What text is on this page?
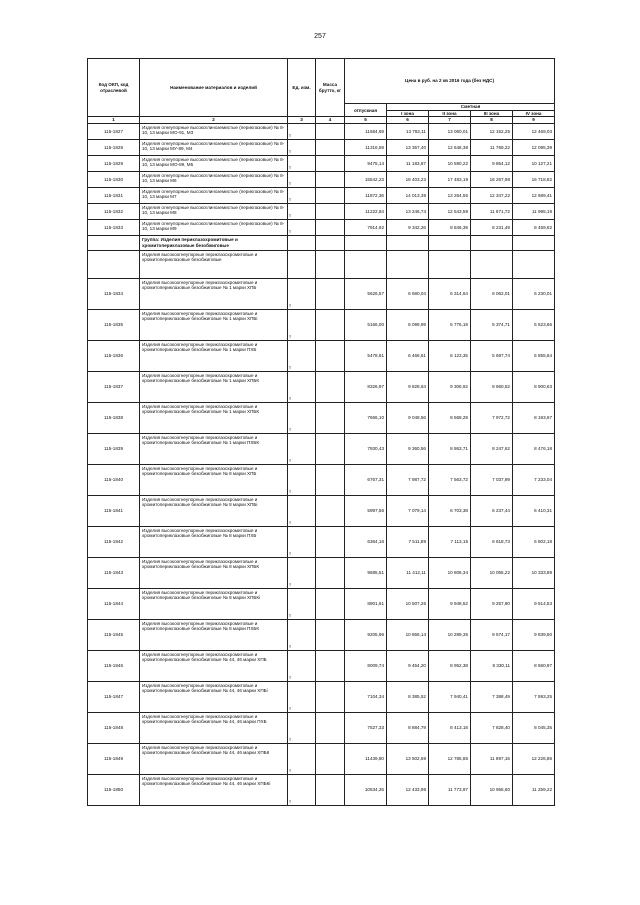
257
Код ОКП, код отраслевой	Наименование материалов и изделий	Ед. изм.	Масса брутто, кг	Цена в руб. на 2 кв 2016 года (без НДС)				
				отпускная	Сметная			
					I зона	II зона	III зона	IV зона
1	2	3	4	5	6	7	8	9
115-1827	Изделия огнеупорные высокоглиноземистые (периклазовые) № 8-10, 13 марки МО-91, М3	т		11684,69	13 782,11	13 060,01	12 152,25	12 469,03
115-1828	Изделия огнеупорные высокоглиноземистые (периклазовые) № 8-10, 13 марки МУ-89, М4	т		11316,59	13 357,40	12 648,38	11 769,22	12 095,39
115-1829	Изделия огнеупорные высокоглиноземистые (периклазовые) № 8-10, 13 марки МО-89, М5	т		9475,14	11 183,87	10 590,22	9 854,12	10 127,21
115-1830	Изделия огнеупорные высокоглиноземистые (периклазовые) № 8-10, 13 марки М6	т		15542,23	18 403,23	17 483,19	16 267,98	16 718,82
115-1831	Изделия огнеупорные высокоглиноземистые (периклазовые) № 8-10, 13 марки М7	т		11872,36	14 013,39	13 264,55	12 347,22	12 689,41
115-1832	Изделия огнеупорные высокоглиноземистые (периклазовые) № 8-10, 13 марки М8	т		11222,84	13 246,74	12 543,59	11 671,72	11 995,19
115-1833	Изделия огнеупорные высокоглиноземистые (периклазовые) № 8-10, 13 марки М9	т		7914,92	9 342,26	8 846,39	8 231,49	8 459,62
	Группа: Изделия периклазохромитовые и хромитопериклазовые безобжиговые							
	Изделия высокоогнеупорные периклазохромитовые и хромитопериклазовые безобжиговые							
115-1834	Изделия высокоогнеупорные периклазохромитовые и хромитопериклазовые безобжиговые № 1 марки ХПБ	т		5626,57	6 680,04	6 314,64	6 062,01	6 230,01
115-1835	Изделия высокоогнеупорные периклазохромитовые и хромитопериклазовые безобжиговые № 1 марки ХПБі	т		5166,00	6 099,99	5 776,19	5 374,71	5 523,66
115-1836	Изделия высокоогнеупорные периклазохромитовые и хромитопериклазовые безобжиговые № 1 марки ПХБ	т		5478,61	6 466,61	6 123,35	5 697,74	5 855,64
115-1837	Изделия высокоогнеупорные периклазохромитовые и хромитопериклазовые безобжиговые № 1 марки ХПБК	т		8326,97	9 828,64	9 306,92	8 660,52	8 900,63
115-1838	Изделия высокоогнеупорные периклазохромитовые и хромитопериклазовые безобжиговые № 1 марки ХПБК	т		7666,10	9 048,56	8 568,29	7 972,72	8 193,67
115-1839	Изделия высокоогнеупорные периклазохромитовые и хромитопериклазовые безобжиговые № 1 марки ПХБК	т		7930,43	9 360,56	8 863,71	8 247,62	8 476,18
115-1840	Изделия высокоогнеупорные периклазохромитовые и хромитопериклазовые безобжиговые № 8 марки ХПБ	т		6767,31	7 987,72	7 563,72	7 037,99	7 233,04
115-1841	Изделия высокоогнеупорные периклазохромитовые и хромитопериклазовые безобжиговые № 8 марки ХПБі	т		5997,56	7 079,14	6 703,38	6 237,44	6 410,31
115-1842	Изделия высокоогнеупорные периклазохромитовые и хромитопериклазовые безобжиговые № 8 марки ПХБ	т		6364,16	7 511,89	7 113,15	6 618,73	6 802,18
115-1843	Изделия высокоогнеупорные периклазохромитовые и хромитопериклазовые безобжиговые № 8 марки ХПБК	т		9685,51	11 412,11	10 806,34	10 055,22	10 333,89
115-1844	Изделия высокоогнеупорные периклазохромитовые и хромитопериклазовые безобжиговые № 8 марки ХПБКі	т		8901,61	10 507,26	9 948,52	9 257,90	9 514,53
115-1845	Изделия высокоогнеупорные периклазохромитовые и хромитопериклазовые безобжиговые № 8 марки ПХБК	т		9205,96	10 866,14	10 289,35	9 574,17	9 839,50
115-1846	Изделия высокоогнеупорные периклазохромитовые и хромитопериклазовые безобжиговые № 44, 46 марки ХПБ	т		8009,74	9 454,20	8 952,38	8 330,11	8 560,97
115-1847	Изделия высокоогнеупорные периклазохромитовые и хромитопериклазовые безобжиговые № 44, 46 марки ХПБі	т		7104,34	8 385,52	7 940,41	7 388,49	7 593,25
115-1848	Изделия высокоогнеупорные периклазохромитовые и хромитопериклазовые безобжиговые № 44, 46 марки ПХБ	т		7527,33	8 884,79	8 413,18	7 828,40	8 045,35
115-1849	Изделия высокоогнеупорные периклазохромитовые и хромитопериклазовые безобжиговые № 44, 46 марки ХПБК	т		11439,80	13 502,59	12 785,86	11 897,15	12 226,86
115-1850	Изделия высокоогнеупорные периклазохромитовые и хромитопериклазовые безобжиговые № 44, 46 марки ХПБКі	т		10534,26	12 433,98	11 773,97	10 955,60	11 259,22
